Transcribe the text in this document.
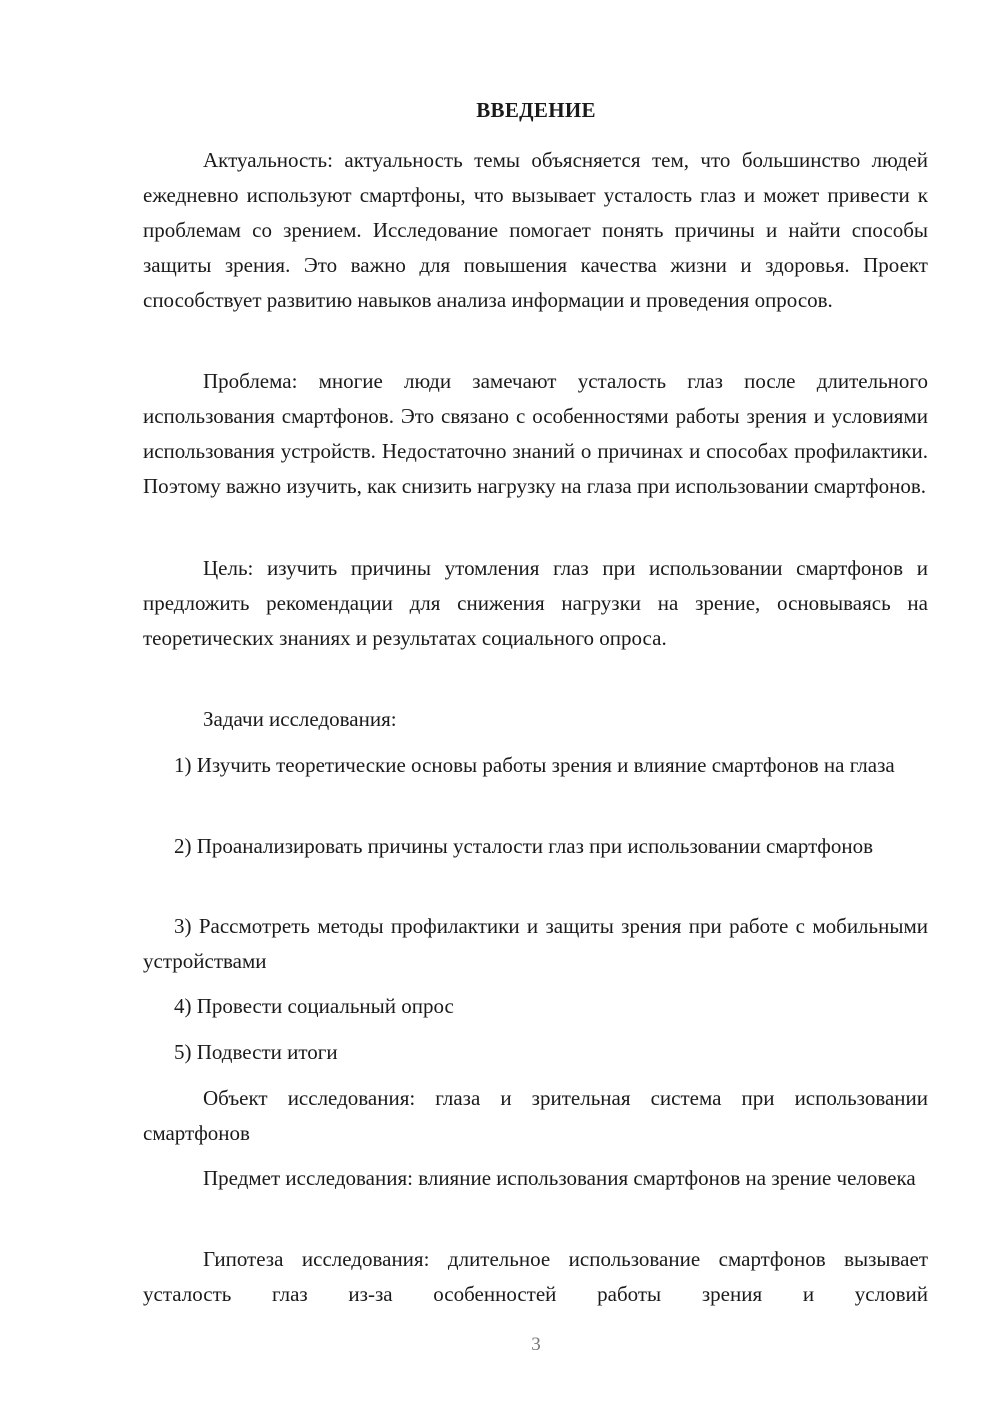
ВВЕДЕНИЕ

Актуальность: актуальность темы объясняется тем, что большинство людей ежедневно используют смартфоны, что вызывает усталость глаз и может привести к проблемам со зрением. Исследование помогает понять причины и найти способы защиты зрения. Это важно для повышения качества жизни и здоровья. Проект способствует развитию навыков анализа информации и проведения опросов.

Проблема: многие люди замечают усталость глаз после длительного использования смартфонов. Это связано с особенностями работы зрения и условиями использования устройств. Недостаточно знаний о причинах и способах профилактики. Поэтому важно изучить, как снизить нагрузку на глаза при использовании смартфонов.

Цель: изучить причины утомления глаз при использовании смартфонов и предложить рекомендации для снижения нагрузки на зрение, основываясь на теоретических знаниях и результатах социального опроса.

Задачи исследования:

1) Изучить теоретические основы работы зрения и влияние смартфонов на глаза

2) Проанализировать причины усталости глаз при использовании смартфонов

3) Рассмотреть методы профилактики и защиты зрения при работе с мобильными устройствами

4) Провести социальный опрос

5) Подвести итоги

Объект исследования: глаза и зрительная система при использовании смартфонов

Предмет исследования: влияние использования смартфонов на зрение человека

Гипотеза исследования: длительное использование смартфонов вызывает усталость глаз из-за особенностей работы зрения и условий

3
